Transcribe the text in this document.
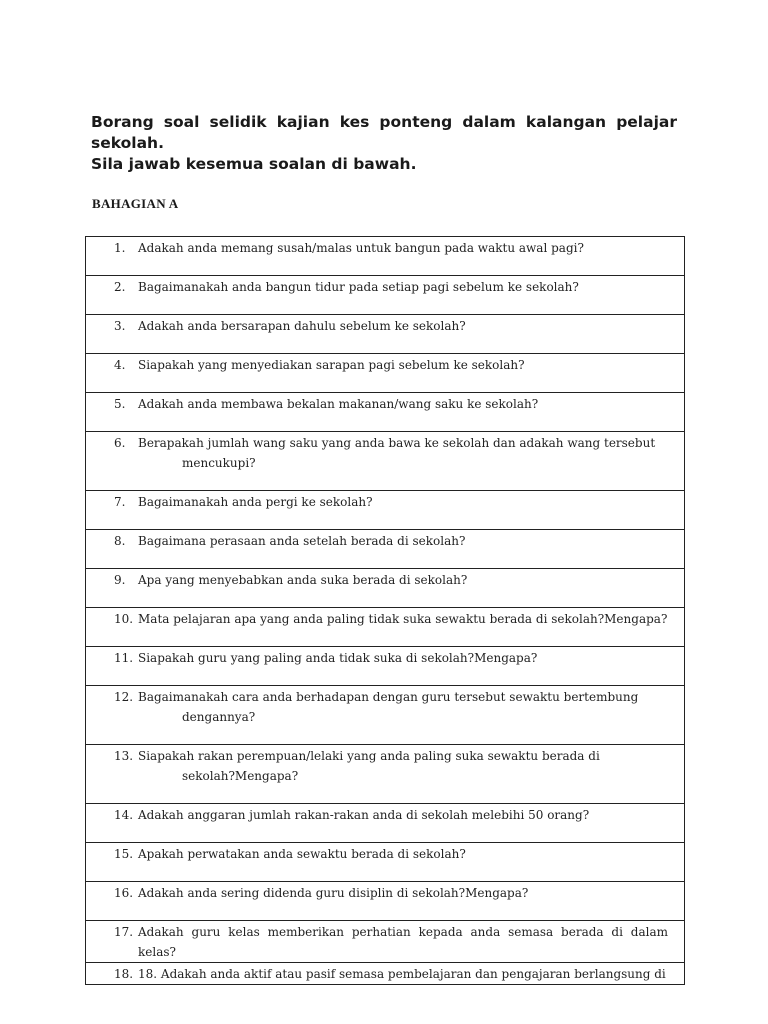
Borang soal selidik kajian kes ponteng dalam kalangan pelajar sekolah.
Sila jawab kesemua soalan di bawah.
BAHAGIAN A
1.	Adakah anda memang susah/malas untuk bangun pada waktu awal pagi?

2.	Bagaimanakah anda bangun tidur pada setiap pagi sebelum ke sekolah?

3.	Adakah anda bersarapan dahulu sebelum ke sekolah?

4.	Siapakah yang menyediakan sarapan pagi sebelum ke sekolah?

5.	Adakah anda membawa bekalan makanan/wang saku ke sekolah?

6.	Berapakah jumlah wang saku yang anda bawa ke sekolah dan adakah wang tersebut
mencukupi?

7.	Bagaimanakah anda pergi ke sekolah?

8.	Bagaimana perasaan anda setelah berada di sekolah?

9.	Apa yang menyebabkan anda suka berada di sekolah?

10. Mata pelajaran apa yang anda paling tidak suka sewaktu berada di sekolah?Mengapa?

11. Siapakah guru yang paling anda tidak suka di sekolah?Mengapa?

12. Bagaimanakah cara anda berhadapan dengan guru tersebut sewaktu bertembung
dengannya?

13. Siapakah rakan perempuan/lelaki yang anda paling suka sewaktu berada di
sekolah?Mengapa?

14. Adakah anggaran jumlah rakan-rakan anda di sekolah melebihi 50 orang?

15. Apakah perwatakan anda sewaktu berada di sekolah?

16. Adakah anda sering didenda guru disiplin di sekolah?Mengapa?

17. Adakah guru kelas memberikan perhatian kepada anda semasa berada di dalam kelas?

18. 18. Adakah anda aktif atau pasif semasa pembelajaran dan pengajaran berlangsung di
